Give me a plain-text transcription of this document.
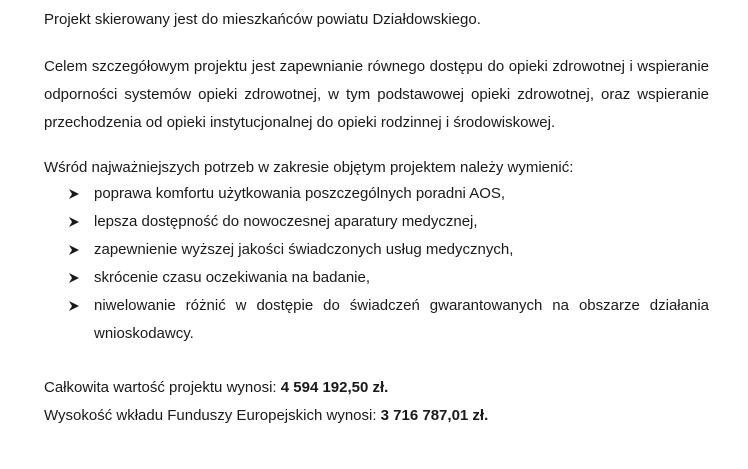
Projekt skierowany jest do mieszkańców powiatu Działdowskiego.

Celem szczegółowym projektu jest zapewnianie równego dostępu do opieki zdrowotnej i wspieranie odporności systemów opieki zdrowotnej, w tym podstawowej opieki zdrowotnej, oraz wspieranie przechodzenia od opieki instytucjonalnej do opieki rodzinnej i środowiskowej.

Wśród najważniejszych potrzeb w zakresie objętym projektem należy wymienić:

poprawa komfortu użytkowania poszczególnych poradni AOS,
lepsza dostępność do nowoczesnej aparatury medycznej,
zapewnienie wyższej jakości świadczonych usług medycznych,
skrócenie czasu oczekiwania na badanie,
niwelowanie różnić w dostępie do świadczeń gwarantowanych na obszarze działania wnioskodawcy.

Całkowita wartość projektu wynosi: 4 594 192,50 zł.

Wysokość wkładu Funduszy Europejskich wynosi: 3 716 787,01 zł.
